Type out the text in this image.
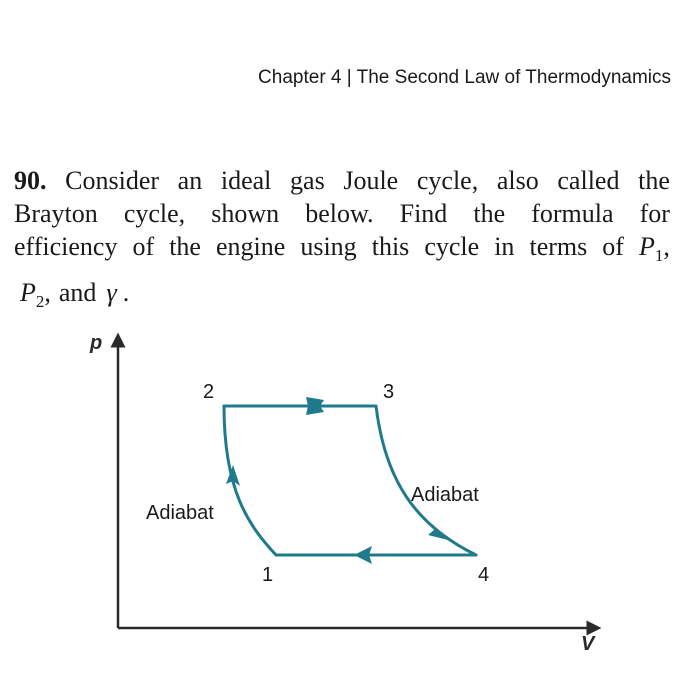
Chapter 4 | The Second Law of Thermodynamics
90. Consider an ideal gas Joule cycle, also called the
Brayton cycle, shown below. Find the formula for
efficiency of the engine using this cycle in terms of $P_1$,
$P_2$, and γ .
p
V
2	3
1	4
Adiabat
Adiabat
